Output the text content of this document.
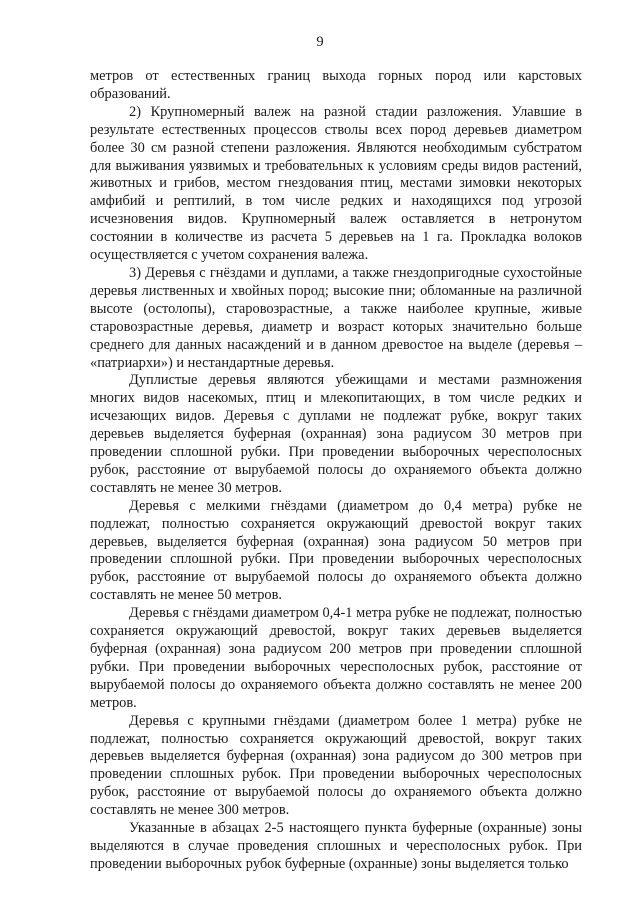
9

метров от естественных границ выхода горных пород или карстовых образований.

2) Крупномерный валеж на разной стадии разложения. Улавшие в результате естественных процессов стволы всех пород деревьев диаметром более 30 см разной степени разложения. Являются необходимым субстратом для выживания уязвимых и требовательных к условиям среды видов растений, животных и грибов, местом гнездования птиц, местами зимовки некоторых амфибий и рептилий, в том числе редких и находящихся под угрозой исчезновения видов. Крупномерный валеж оставляется в нетронутом состоянии в количестве из расчета 5 деревьев на 1 га. Прокладка волоков осуществляется с учетом сохранения валежа.

3) Деревья с гнёздами и дуплами, а также гнездопригодные сухостойные деревья лиственных и хвойных пород; высокие пни; обломанные на различной высоте (остолопы), старовозрастные, а также наиболее крупные, живые старовозрастные деревья, диаметр и возраст которых значительно больше среднего для данных насаждений и в данном древостое на выделе (деревья – «патриархи») и нестандартные деревья.

Дуплистые деревья являются убежищами и местами размножения многих видов насекомых, птиц и млекопитающих, в том числе редких и исчезающих видов. Деревья с дуплами не подлежат рубке, вокруг таких деревьев выделяется буферная (охранная) зона радиусом 30 метров при проведении сплошной рубки. При проведении выборочных чересполосных рубок, расстояние от вырубаемой полосы до охраняемого объекта должно составлять не менее 30 метров.

Деревья с мелкими гнёздами (диаметром до 0,4 метра) рубке не подлежат, полностью сохраняется окружающий древостой вокруг таких деревьев, выделяется буферная (охранная) зона радиусом 50 метров при проведении сплошной рубки. При проведении выборочных чересполосных рубок, расстояние от вырубаемой полосы до охраняемого объекта должно составлять не менее 50 метров.

Деревья с гнёздами диаметром 0,4-1 метра рубке не подлежат, полностью сохраняется окружающий древостой, вокруг таких деревьев выделяется буферная (охранная) зона радиусом 200 метров при проведении сплошной рубки. При проведении выборочных чересполосных рубок, расстояние от вырубаемой полосы до охраняемого объекта должно составлять не менее 200 метров.

Деревья с крупными гнёздами (диаметром более 1 метра) рубке не подлежат, полностью сохраняется окружающий древостой, вокруг таких деревьев выделяется буферная (охранная) зона радиусом до 300 метров при проведении сплошных рубок. При проведении выборочных чересполосных рубок, расстояние от вырубаемой полосы до охраняемого объекта должно составлять не менее 300 метров.

Указанные в абзацах 2-5 настоящего пункта буферные (охранные) зоны выделяются в случае проведения сплошных и чересполосных рубок. При проведении выборочных рубок буферные (охранные) зоны выделяется только
